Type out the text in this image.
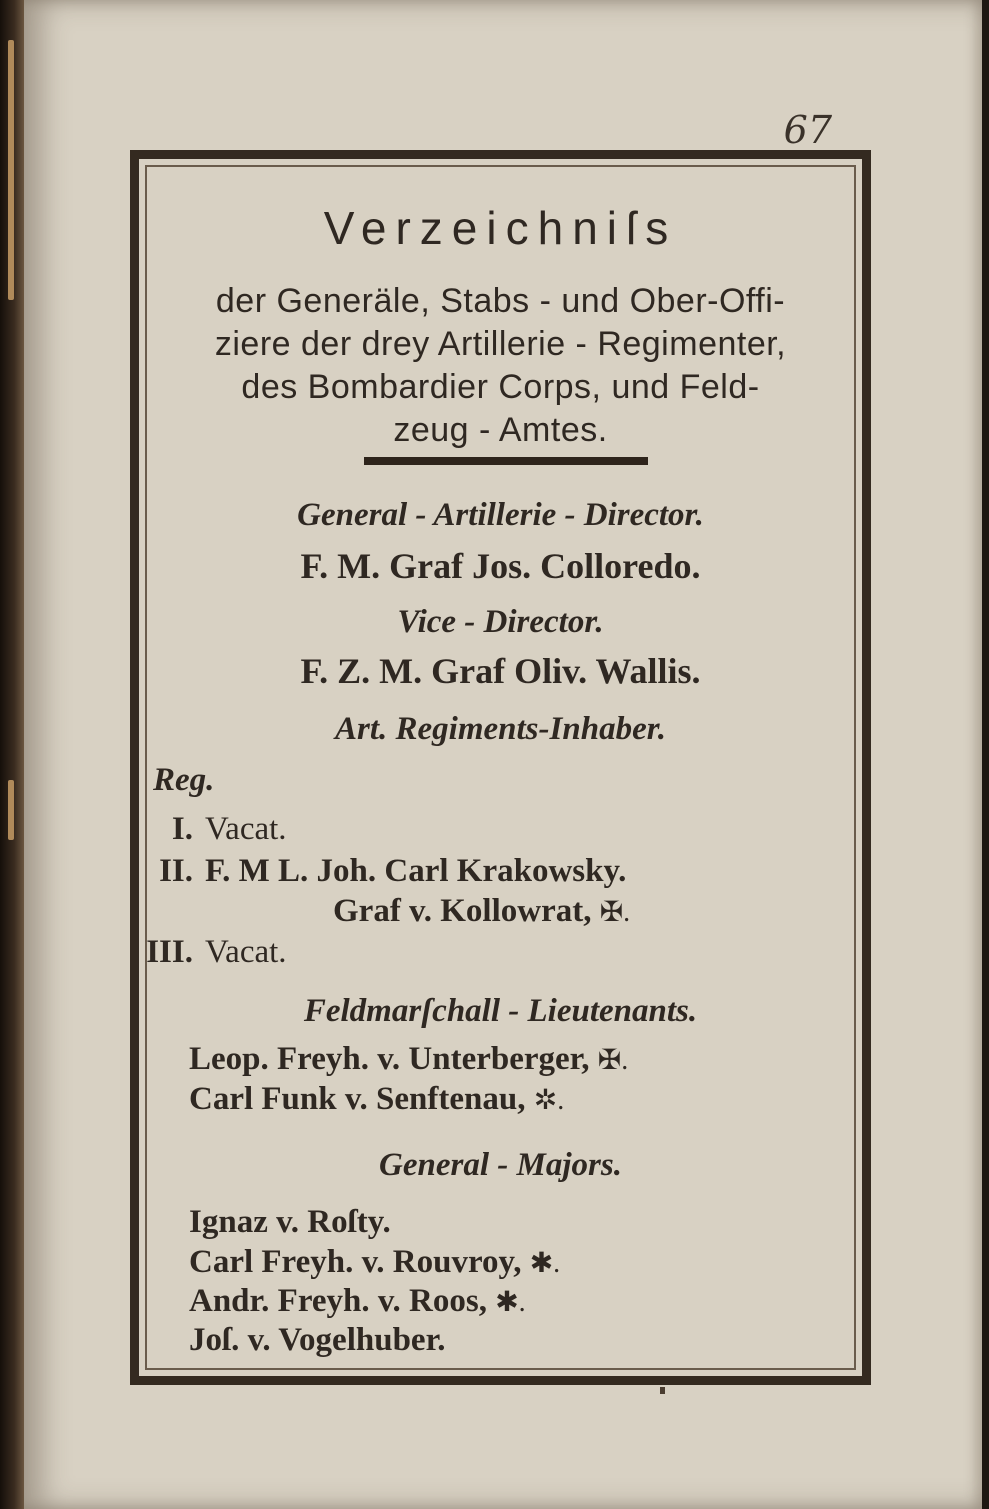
67
Verzeichniſs
der Generäle, Stabs - und Ober-Offi-
ziere der drey Artillerie - Regimenter,
des Bombardier Corps, und Feld-
zeug - Amtes.
General - Artillerie - Director.
F. M. Graf Jos. Colloredo.
Vice - Director.
F. Z. M. Graf Oliv. Wallis.
Art. Regiments-Inhaber.
Reg.
I. Vacat.
II. F. M L. Joh. Carl Krakowsky.
Graf v. Kollowrat, ✠.
III. Vacat.
Feldmarſchall - Lieutenants.
Leop. Freyh. v. Unterberger, ✠.
Carl Funk v. Senftenau, ✲.
General - Majors.
Ignaz v. Roſty.
Carl Freyh. v. Rouvroy, ✱.
Andr. Freyh. v. Roos, ✱.
Joſ. v. Vogelhuber.
